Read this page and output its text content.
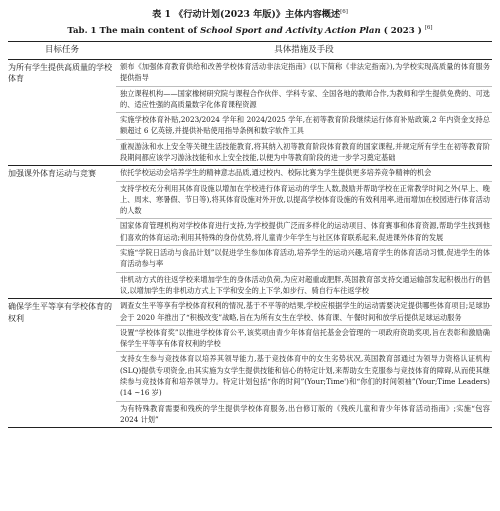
表 1 《行动计划(2023 年版)》主体内容概述[6]
Tab. 1 The main content of School Sport and Activity Action Plan ( 2023 ) [6]
目标任务	具体措施及手段
为所有学生提供高质量的学校体育	颁布《加强体育教育供给和改善学校体育活动非法定指南》(以下简称《非法定指南》),为学校实现高质量的体育服务提供指导
	独立课程机构——国家橡树研究院与课程合作伙伴、学科专家、全国各地的教师合作,为教师和学生提供免费的、可选的、适应性强的高质量数字化体育课程资源
	实施学校体育补贴,2023/2024 学年和 2024/2025 学年,在初等教育阶段继续运行体育补贴政策,2 年内资金支持总额超过 6 亿英镑,并提供补贴使用指导条例和数字软件工具
	重视游泳和水上安全等关键生活技能教育,将其纳入初等教育阶段体育教育的国家课程,并规定所有学生在初等教育阶段期间都应该学习游泳技能和水上安全技能,以便为中等教育阶段的进一步学习奠定基础
加强课外体育运动与竞赛	依托学校运动会培养学生的精神意志品质,通过校内、校际比赛为学生提供更多培养竞争精神的机会
	支持学校充分利用其体育设施以增加在学校进行体育运动的学生人数,鼓励并帮助学校在正常教学时间之外(早上、晚上、周末、寒暑假、节日等),将其体育设施对外开放,以提高学校体育设施的有效利用率,进而增加在校园进行体育活动的人数
	国家体育管理机构对学校体育进行支持,为学校提供广泛而多样化的运动项目、体育赛事和体育资源,帮助学生找到他们喜欢的体育运动;利用其特殊的身份优势,将儿童青少年学生与社区体育联系起来,促进课外体育的发展
	实施“学院日活动与食品计划”以促进学生参加体育活动,培养学生的运动兴趣,培育学生的体育活动习惯,促进学生的体育活动参与率
	非机动方式的往返学校来增加学生的身体活动负荷,为应对超重或肥胖,英国教育部支持交通运输部发起积极出行的倡议,以增加学生的非机动方式上下学和安全的上下学,如步行、骑自行车往返学校
确保学生平等享有学校体育的权利	调查女生平等享有学校体育权利的情况,基于不平等的结果,学校应根据学生的运动需要决定提供哪些体育项目;足球协会于 2020 年推出了“积极改变”战略,旨在为所有女生在学校、体育课、午餐时间和放学后提供足球运动服务
	设置“学校体育奖”以推进学校体育公平,该奖项由青少年体育信托基金会管理的一项政府资助奖项,旨在表彰和激励确保学生平等享有体育权利的学校
	支持女生参与竞技体育以培养其领导能力,基于竞技体育中的女生劣势状况,英国教育部通过为领导力资格认证机构(SLQ)提供专项资金,由其实施为女学生提供技能和信心的特定计划,来帮助女生克服参与竞技体育的障碍,从而使其继续参与竞技体育和培养领导力。特定计划包括“你的时间”(Your;Time')和“你们的时间领袖”(Your;Time Leaders)(14 ~16 岁)
	为有特殊教育需要和残疾的学生提供学校体育服务,出台修订版的《残疾儿童和青少年体育活动指南》;实施“包容 2024 计划”
